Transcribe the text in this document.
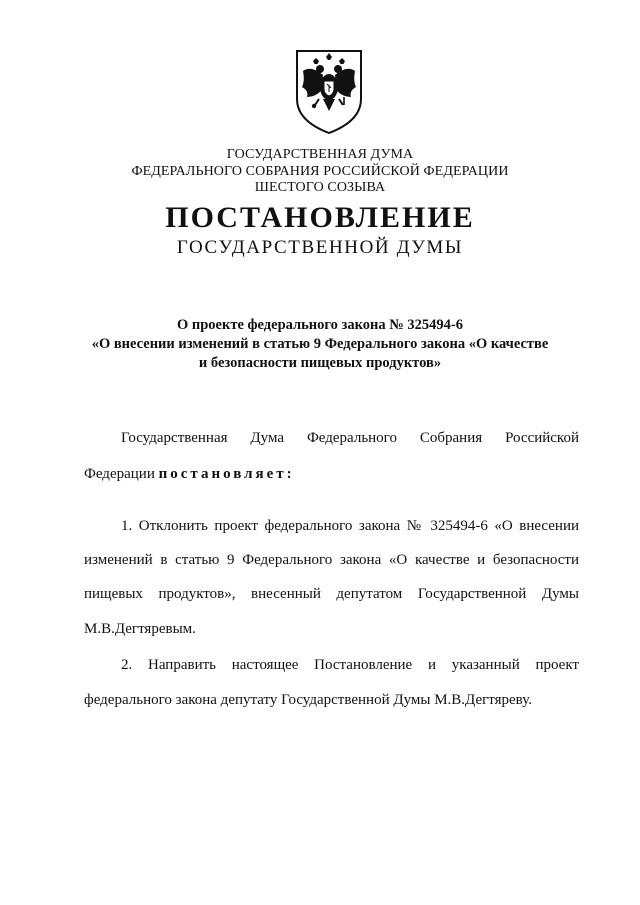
ГОСУДАРСТВЕННАЯ ДУМА
ФЕДЕРАЛЬНОГО СОБРАНИЯ РОССИЙСКОЙ ФЕДЕРАЦИИ
ШЕСТОГО СОЗЫВА
ПОСТАНОВЛЕНИЕ
ГОСУДАРСТВЕННОЙ ДУМЫ
О проекте федерального закона № 325494-6
«О внесении изменений в статью 9 Федерального закона «О качестве
и безопасности пищевых продуктов»
Государственная Дума Федерального Собрания Российской
Федерации постановляет:
1. Отклонить проект федерального закона № 325494-6 «О внесении
изменений в статью 9 Федерального закона «О качестве и безопасности
пищевых продуктов», внесенный депутатом Государственной Думы
М.В.Дегтяревым.
2. Направить настоящее Постановление и указанный проект
федерального закона депутату Государственной Думы М.В.Дегтяреву.
